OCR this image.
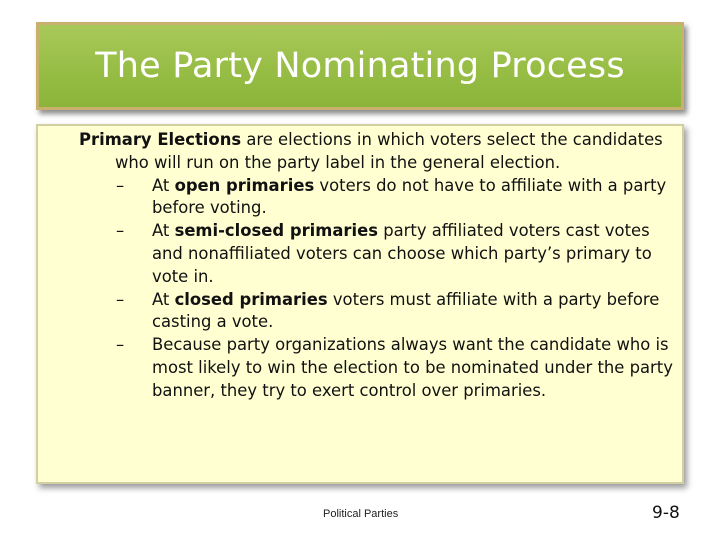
The Party Nominating Process
Primary Elections are elections in which voters select the candidates who will run on the party label in the general election.
– At open primaries voters do not have to affiliate with a party before voting.
– At semi-closed primaries party affiliated voters cast votes and nonaffiliated voters can choose which party’s primary to vote in.
– At closed primaries voters must affiliate with a party before casting a vote.
– Because party organizations always want the candidate who is most likely to win the election to be nominated under the party banner, they try to exert control over primaries.
Political Parties	9-8
